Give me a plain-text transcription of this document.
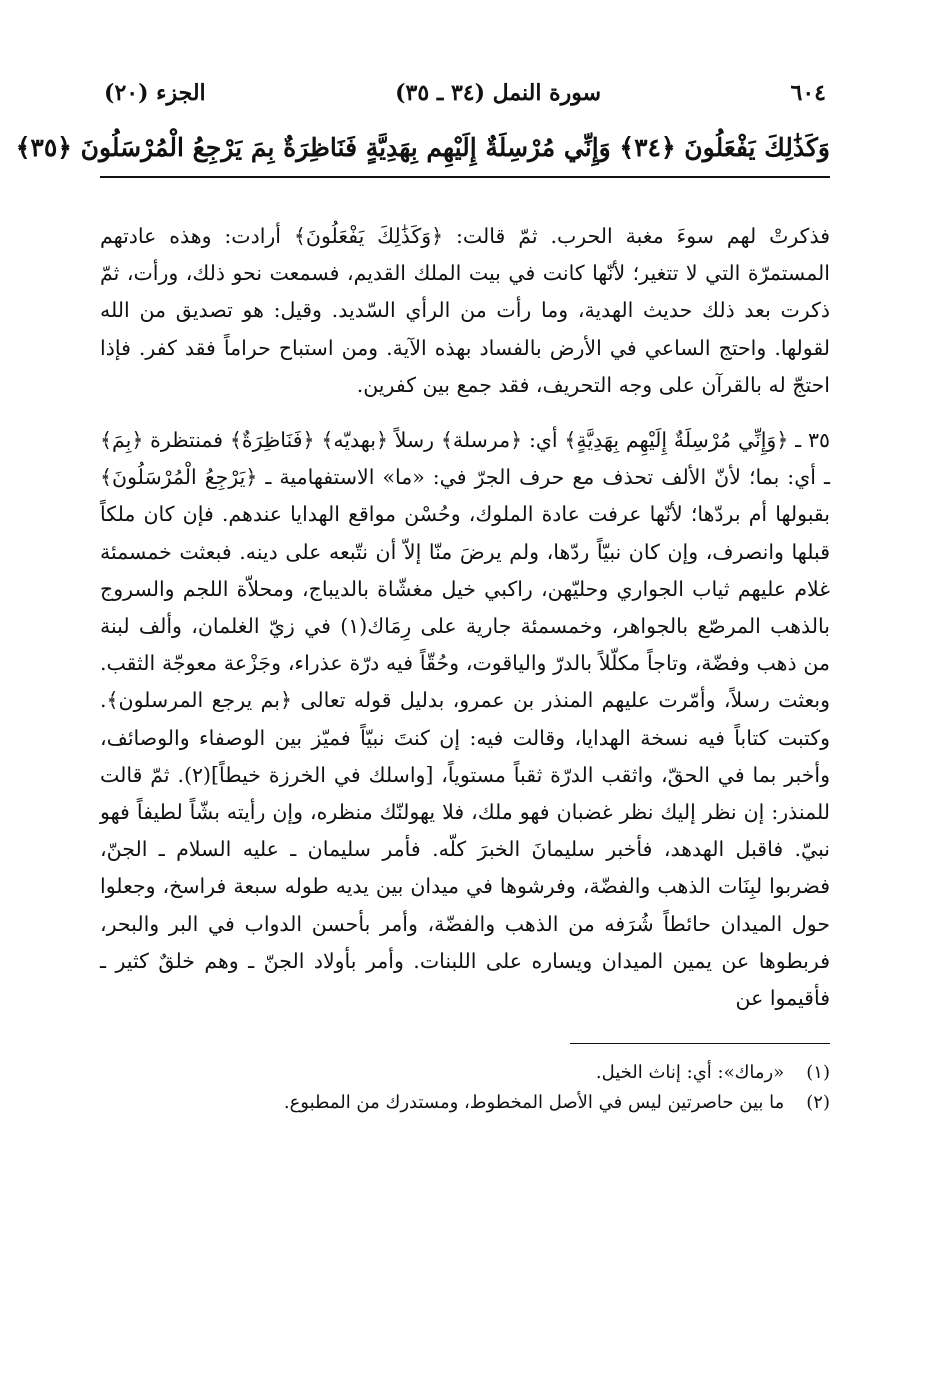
٦٠٤
سورة النمل (٣٤ ـ ٣٥)
الجزء (٢٠)
وَكَذَٰلِكَ يَفْعَلُونَ ﴿٣٤﴾ وَإِنِّي مُرْسِلَةٌ إِلَيْهِم بِهَدِيَّةٍ فَنَاظِرَةٌ بِمَ يَرْجِعُ الْمُرْسَلُونَ ﴿٣٥﴾

فذكرتْ لهم سوءَ مغبة الحرب. ثمّ قالت: ﴿وَكَذَٰلِكَ يَفْعَلُونَ﴾ أرادت: وهذه عادتهم المستمرّة التي لا تتغير؛ لأنّها كانت في بيت الملك القديم، فسمعت نحو ذلك، ورأت، ثمّ ذكرت بعد ذلك حديث الهدية، وما رأت من الرأي السّديد. وقيل: هو تصديق من الله لقولها. واحتج الساعي في الأرض بالفساد بهذه الآية. ومن استباح حراماً فقد كفر. فإذا احتجّ له بالقرآن على وجه التحريف، فقد جمع بين كفرين.

٣٥ ـ ﴿وَإِنِّي مُرْسِلَةٌ إِلَيْهِم بِهَدِيَّةٍ﴾ أي: ﴿مرسلة﴾ رسلاً ﴿بهديّه﴾ ﴿فَنَاظِرَةٌ﴾ فمنتظرة ﴿بِمَ﴾ ـ أي: بما؛ لأنّ الألف تحذف مع حرف الجرّ في: «ما» الاستفهامية ـ ﴿يَرْجِعُ الْمُرْسَلُونَ﴾ بقبولها أم بردّها؛ لأنّها عرفت عادة الملوك، وحُسْن مواقع الهدايا عندهم. فإن كان ملكاً قبلها وانصرف، وإن كان نبيّاً ردّها، ولم يرضَ منّا إلاّ أن نتّبعه على دينه. فبعثت خمسمئة غلام عليهم ثياب الجواري وحليّهن، راكبي خيل مغشّاة بالديباج، ومحلاّة اللجم والسروج بالذهب المرصّع بالجواهر، وخمسمئة جارية على رِمَاك(١) في زيّ الغلمان، وألف لبنة من ذهب وفضّة، وتاجاً مكلّلاً بالدرّ والياقوت، وحُقّاً فيه درّة عذراء، وجَزْعة معوجّة الثقب. وبعثت رسلاً، وأمّرت عليهم المنذر بن عمرو، بدليل قوله تعالى ﴿بم يرجع المرسلون﴾. وكتبت كتاباً فيه نسخة الهدايا، وقالت فيه: إن كنتَ نبيّاً فميّز بين الوصفاء والوصائف، وأخبر بما في الحقّ، واثقب الدرّة ثقباً مستوياً، [واسلك في الخرزة خيطاً](٢). ثمّ قالت للمنذر: إن نظر إليك نظر غضبان فهو ملك، فلا يهولنّك منظره، وإن رأيته بشّاً لطيفاً فهو نبيّ. فاقبل الهدهد، فأخبر سليمانَ الخبرَ كلّه. فأمر سليمان ـ عليه السلام ـ الجنّ، فضربوا لبِنَات الذهب والفضّة، وفرشوها في ميدان بين يديه طوله سبعة فراسخ، وجعلوا حول الميدان حائطاً شُرَفه من الذهب والفضّة، وأمر بأحسن الدواب في البر والبحر، فربطوها عن يمين الميدان ويساره على اللبنات. وأمر بأولاد الجنّ ـ وهم خلقٌ كثير ـ فأقيموا عن

(١) «رماك»: أي: إناث الخيل.
(٢) ما بين حاصرتين ليس في الأصل المخطوط، ومستدرك من المطبوع.
